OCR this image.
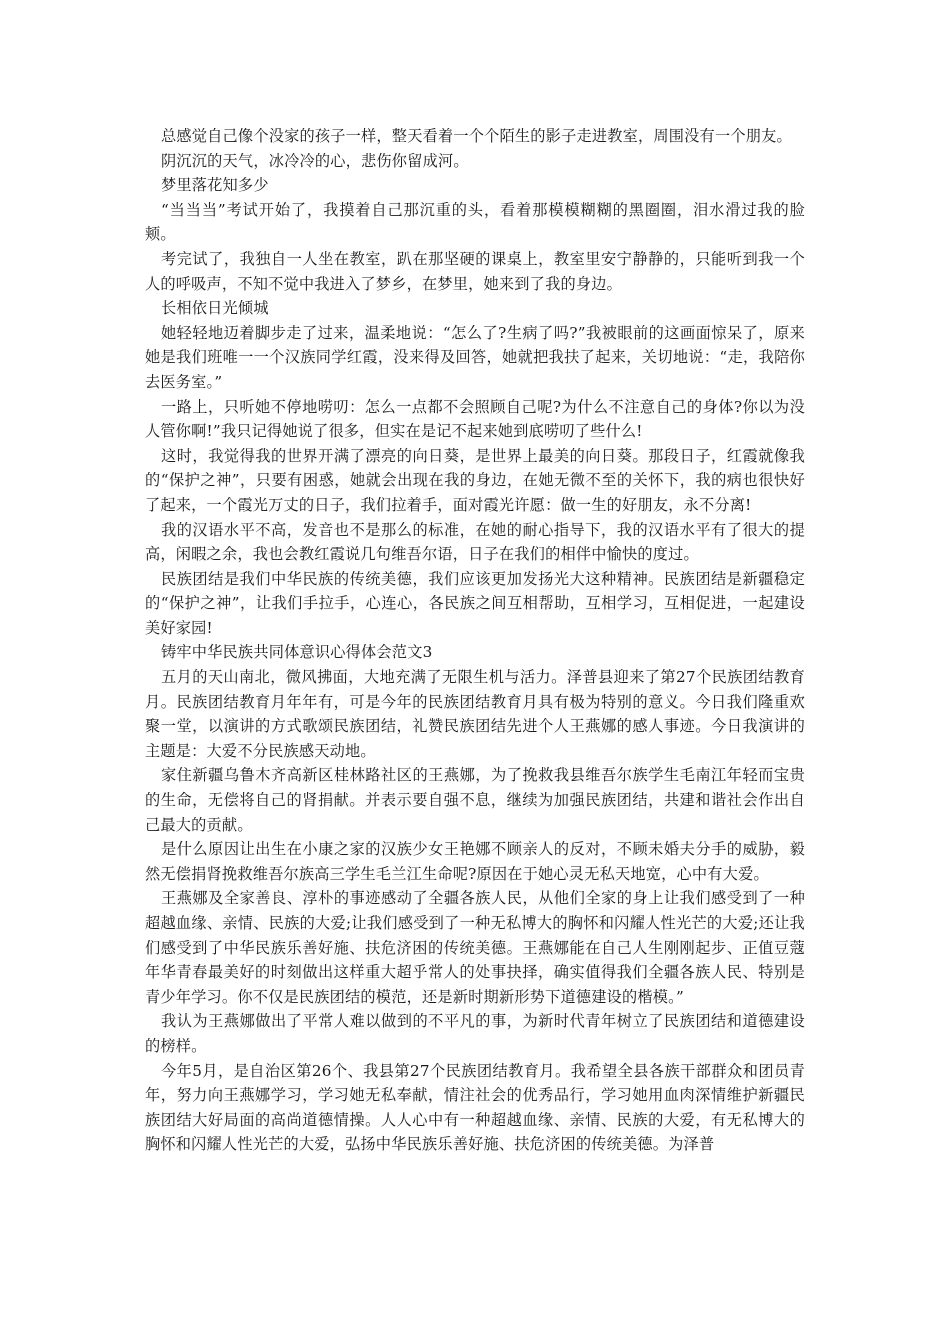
总感觉自己像个没家的孩子一样，整天看着一个个陌生的影子走进教室，周围没有一个朋友。

阴沉沉的天气，冰冷冷的心，悲伤你留成河。

梦里落花知多少

“当当当”考试开始了，我摸着自己那沉重的头，看着那模模糊糊的黑圈圈，泪水滑过我的脸颊。

考完试了，我独自一人坐在教室，趴在那坚硬的课桌上，教室里安宁静静的，只能听到我一个人的呼吸声，不知不觉中我进入了梦乡，在梦里，她来到了我的身边。

长相依日光倾城

她轻轻地迈着脚步走了过来，温柔地说：“怎么了?生病了吗?”我被眼前的这画面惊呆了，原来她是我们班唯一一个汉族同学红霞，没来得及回答，她就把我扶了起来，关切地说：“走，我陪你去医务室。”

一路上，只听她不停地唠叨：怎么一点都不会照顾自己呢?为什么不注意自己的身体?你以为没人管你啊!”我只记得她说了很多，但实在是记不起来她到底唠叨了些什么!

这时，我觉得我的世界开满了漂亮的向日葵，是世界上最美的向日葵。那段日子，红霞就像我的“保护之神”，只要有困惑，她就会出现在我的身边，在她无微不至的关怀下，我的病也很快好了起来，一个霞光万丈的日子，我们拉着手，面对霞光许愿：做一生的好朋友，永不分离!

我的汉语水平不高，发音也不是那么的标准，在她的耐心指导下，我的汉语水平有了很大的提高，闲暇之余，我也会教红霞说几句维吾尔语，日子在我们的相伴中愉快的度过。

民族团结是我们中华民族的传统美德，我们应该更加发扬光大这种精神。民族团结是新疆稳定的“保护之神”，让我们手拉手，心连心，各民族之间互相帮助，互相学习，互相促进，一起建设美好家园!

铸牢中华民族共同体意识心得体会范文3

五月的天山南北，微风拂面，大地充满了无限生机与活力。泽普县迎来了第27个民族团结教育月。民族团结教育月年年有，可是今年的民族团结教育月具有极为特别的意义。今日我们隆重欢聚一堂，以演讲的方式歌颂民族团结，礼赞民族团结先进个人王燕娜的感人事迹。今日我演讲的主题是：大爱不分民族感天动地。

家住新疆乌鲁木齐高新区桂林路社区的王燕娜，为了挽救我县维吾尔族学生毛南江年轻而宝贵的生命，无偿将自己的肾捐献。并表示要自强不息，继续为加强民族团结，共建和谐社会作出自己最大的贡献。

是什么原因让出生在小康之家的汉族少女王艳娜不顾亲人的反对，不顾未婚夫分手的威胁，毅然无偿捐肾挽救维吾尔族高三学生毛兰江生命呢?原因在于她心灵无私天地宽，心中有大爱。

王燕娜及全家善良、淳朴的事迹感动了全疆各族人民，从他们全家的身上让我们感受到了一种超越血缘、亲情、民族的大爱;让我们感受到了一种无私博大的胸怀和闪耀人性光芒的大爱;还让我们感受到了中华民族乐善好施、扶危济困的传统美德。王燕娜能在自己人生刚刚起步、正值豆蔻年华青春最美好的时刻做出这样重大超乎常人的处事抉择，确实值得我们全疆各族人民、特别是青少年学习。你不仅是民族团结的模范，还是新时期新形势下道德建设的楷模。”

我认为王燕娜做出了平常人难以做到的不平凡的事，为新时代青年树立了民族团结和道德建设的榜样。

今年5月，是自治区第26个、我县第27个民族团结教育月。我希望全县各族干部群众和团员青年，努力向王燕娜学习，学习她无私奉献，情注社会的优秀品行，学习她用血肉深情维护新疆民族团结大好局面的高尚道德情操。人人心中有一种超越血缘、亲情、民族的大爱，有无私博大的胸怀和闪耀人性光芒的大爱，弘扬中华民族乐善好施、扶危济困的传统美德。为泽普
